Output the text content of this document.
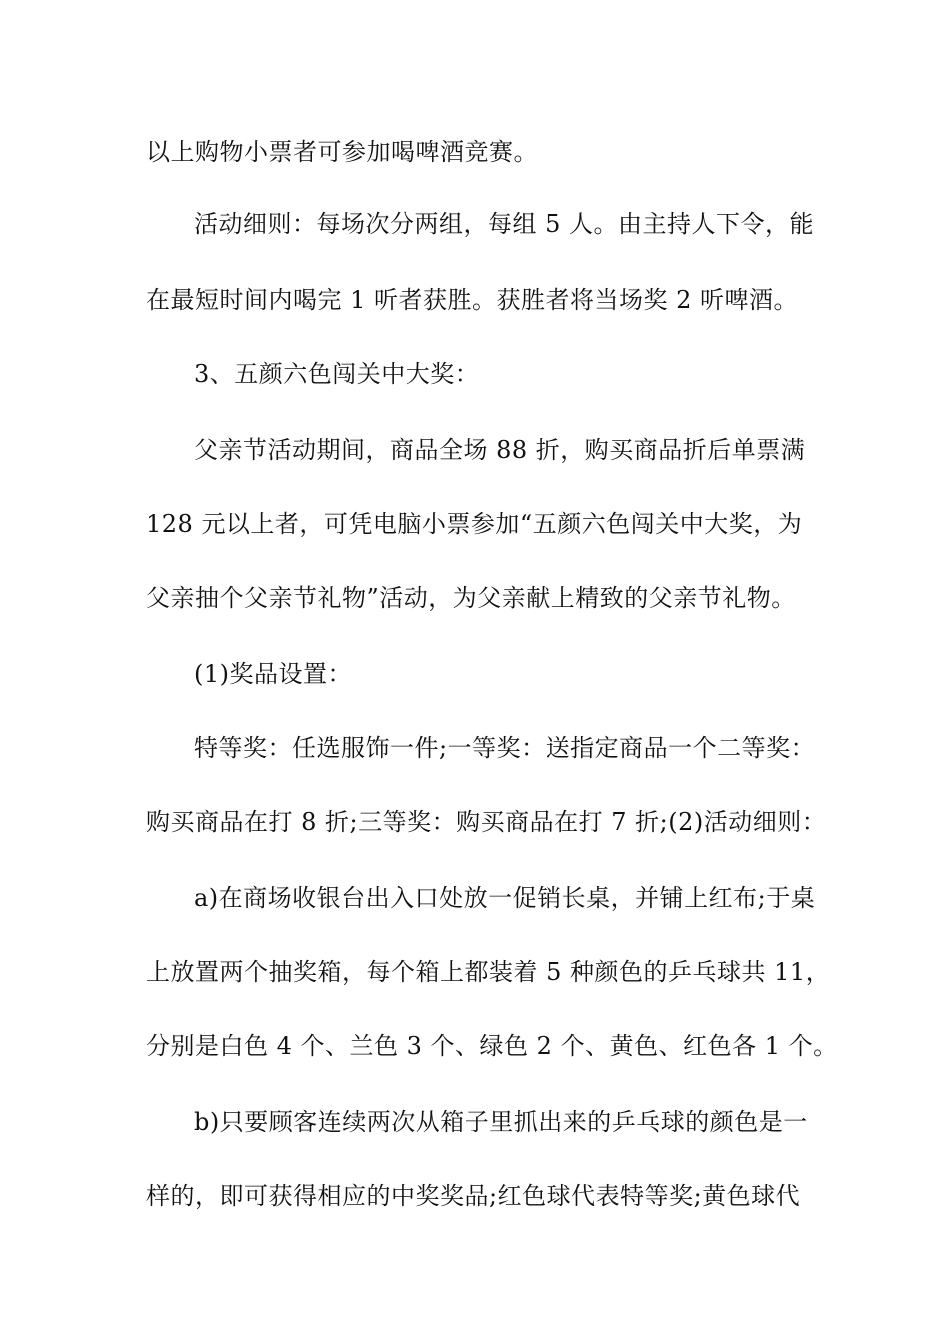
以上购物小票者可参加喝啤酒竞赛。
活动细则：每场次分两组，每组 5 人。由主持人下令，能
在最短时间内喝完 1 听者获胜。获胜者将当场奖 2 听啤酒。
3、五颜六色闯关中大奖：
父亲节活动期间，商品全场 88 折，购买商品折后单票满
128 元以上者，可凭电脑小票参加“五颜六色闯关中大奖，为
父亲抽个父亲节礼物”活动，为父亲献上精致的父亲节礼物。
(1)奖品设置：
特等奖：任选服饰一件;一等奖：送指定商品一个二等奖：
购买商品在打 8 折;三等奖：购买商品在打 7 折;(2)活动细则：
a)在商场收银台出入口处放一促销长桌，并铺上红布;于桌
上放置两个抽奖箱，每个箱上都装着 5 种颜色的乒乓球共 11，
分别是白色 4 个、兰色 3 个、绿色 2 个、黄色、红色各 1 个。
b)只要顾客连续两次从箱子里抓出来的乒乓球的颜色是一
样的，即可获得相应的中奖奖品;红色球代表特等奖;黄色球代
